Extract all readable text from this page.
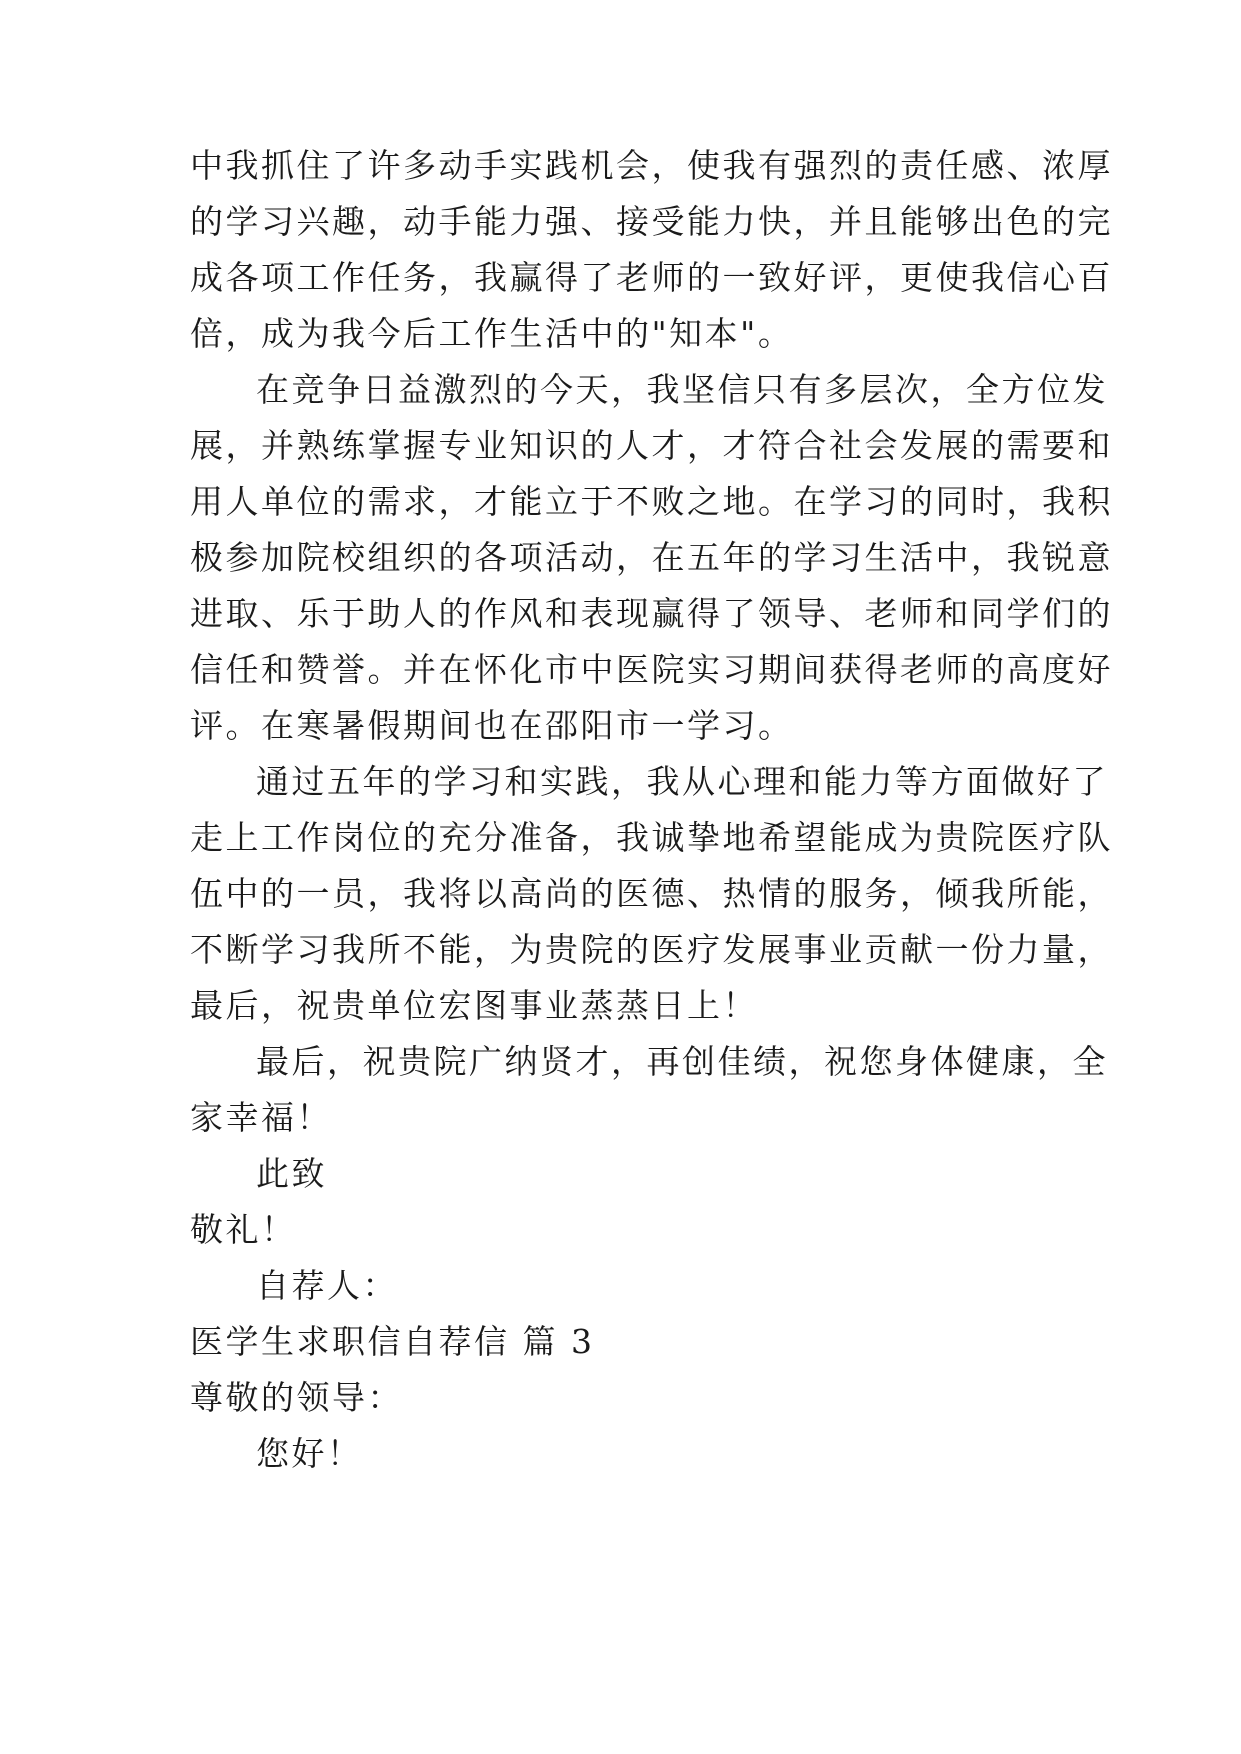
中我抓住了许多动手实践机会，使我有强烈的责任感、浓厚
的学习兴趣，动手能力强、接受能力快，并且能够出色的完
成各项工作任务，我赢得了老师的一致好评，更使我信心百
倍，成为我今后工作生活中的"知本"。
在竞争日益激烈的今天，我坚信只有多层次，全方位发
展，并熟练掌握专业知识的人才，才符合社会发展的需要和
用人单位的需求，才能立于不败之地。在学习的同时，我积
极参加院校组织的各项活动，在五年的学习生活中，我锐意
进取、乐于助人的作风和表现赢得了领导、老师和同学们的
信任和赞誉。并在怀化市中医院实习期间获得老师的高度好
评。在寒暑假期间也在邵阳市一学习。
通过五年的学习和实践，我从心理和能力等方面做好了
走上工作岗位的充分准备，我诚挚地希望能成为贵院医疗队
伍中的一员，我将以高尚的医德、热情的服务，倾我所能，
不断学习我所不能，为贵院的医疗发展事业贡献一份力量，
最后，祝贵单位宏图事业蒸蒸日上！
最后，祝贵院广纳贤才，再创佳绩，祝您身体健康，全
家幸福！
此致
敬礼！
自荐人：
医学生求职信自荐信 篇 3
尊敬的领导：
您好！
